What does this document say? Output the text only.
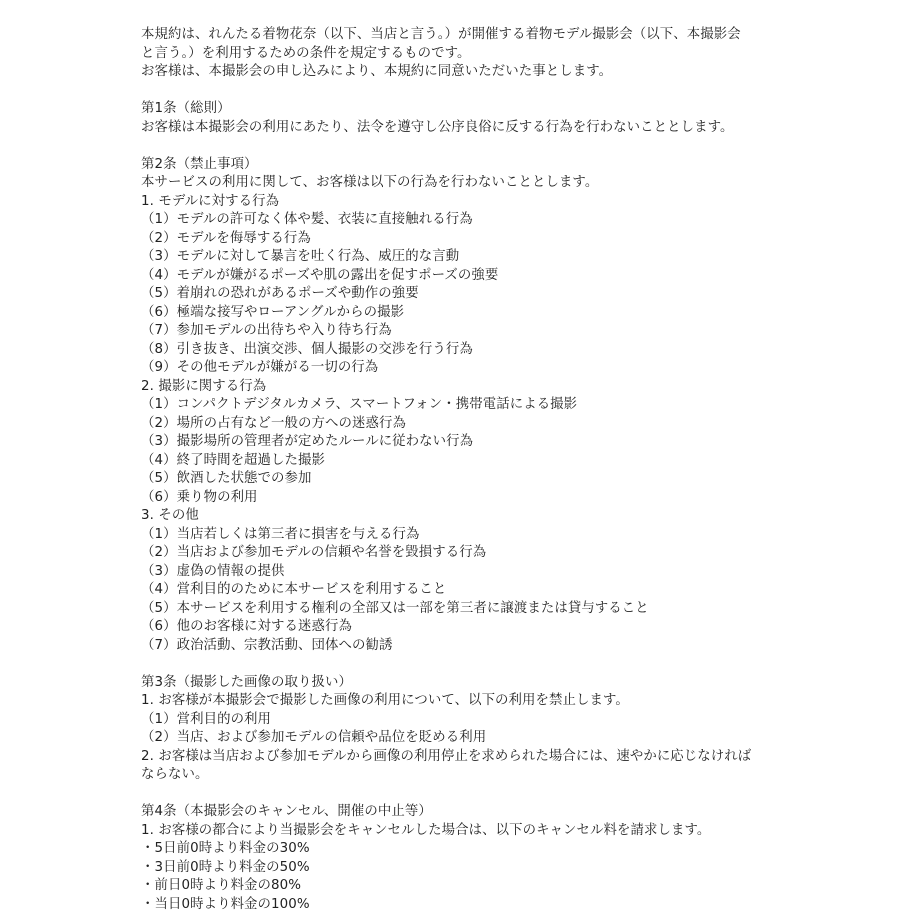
本規約は、れんたる着物花奈（以下、当店と言う。）が開催する着物モデル撮影会（以下、本撮影会
と言う。）を利用するための条件を規定するものです。
お客様は、本撮影会の申し込みにより、本規約に同意いただいた事とします。
第1条（総則）
お客様は本撮影会の利用にあたり、法令を遵守し公序良俗に反する行為を行わないこととします。
第2条（禁止事項）
本サービスの利用に関して、お客様は以下の行為を行わないこととします。
1. モデルに対する行為
（1）モデルの許可なく体や髪、衣装に直接触れる行為
（2）モデルを侮辱する行為
（3）モデルに対して暴言を吐く行為、威圧的な言動
（4）モデルが嫌がるポーズや肌の露出を促すポーズの強要
（5）着崩れの恐れがあるポーズや動作の強要
（6）極端な接写やローアングルからの撮影
（7）参加モデルの出待ちや入り待ち行為
（8）引き抜き、出演交渉、個人撮影の交渉を行う行為
（9）その他モデルが嫌がる一切の行為
2. 撮影に関する行為
（1）コンパクトデジタルカメラ、スマートフォン・携帯電話による撮影
（2）場所の占有など一般の方への迷惑行為
（3）撮影場所の管理者が定めたルールに従わない行為
（4）終了時間を超過した撮影
（5）飲酒した状態での参加
（6）乗り物の利用
3. その他
（1）当店若しくは第三者に損害を与える行為
（2）当店および参加モデルの信頼や名誉を毀損する行為
（3）虚偽の情報の提供
（4）営利目的のために本サービスを利用すること
（5）本サービスを利用する権利の全部又は一部を第三者に譲渡または貸与すること
（6）他のお客様に対する迷惑行為
（7）政治活動、宗教活動、団体への勧誘
第3条（撮影した画像の取り扱い）
1. お客様が本撮影会で撮影した画像の利用について、以下の利用を禁止します。
（1）営利目的の利用
（2）当店、および参加モデルの信頼や品位を貶める利用
2. お客様は当店および参加モデルから画像の利用停止を求められた場合には、速やかに応じなければ
ならない。
第4条（本撮影会のキャンセル、開催の中止等）
1. お客様の都合により当撮影会をキャンセルした場合は、以下のキャンセル料を請求します。
・5日前0時より料金の30%
・3日前0時より料金の50%
・前日0時より料金の80%
・当日0時より料金の100%
